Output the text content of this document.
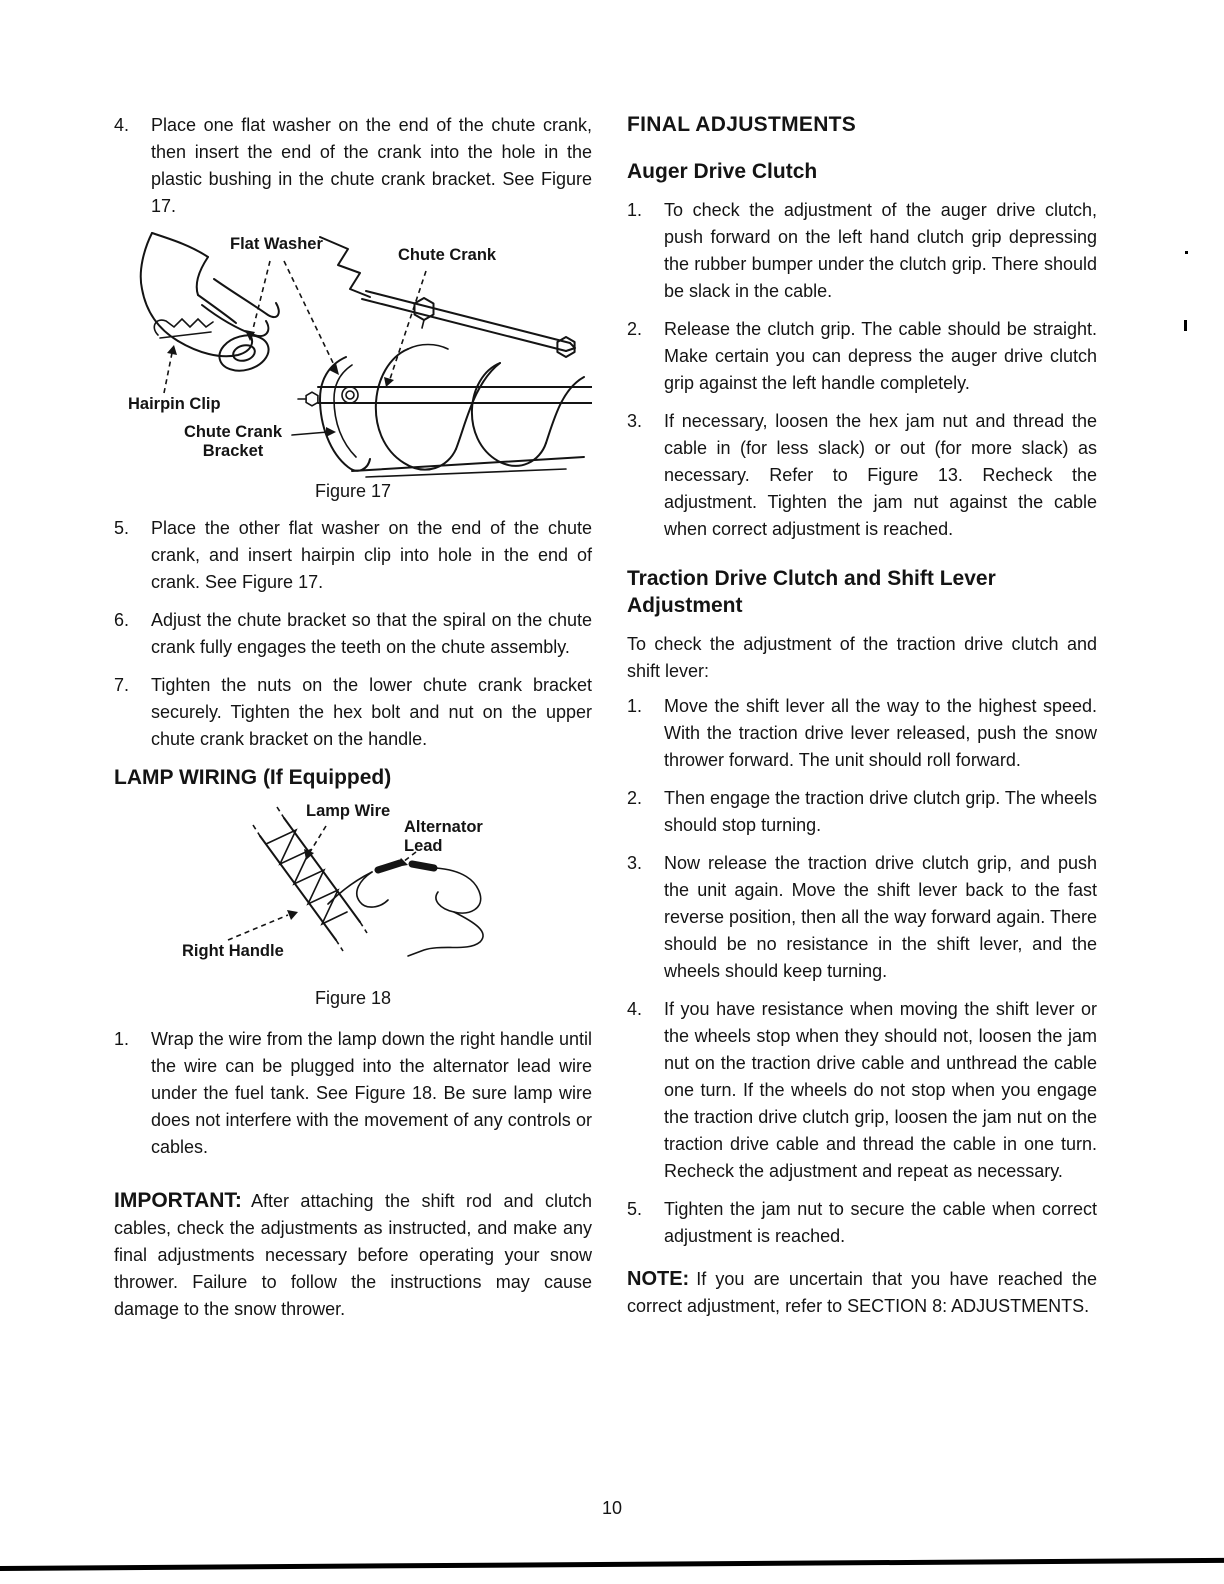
4.	Place one flat washer on the end of the chute crank, then insert the end of the crank into the hole in the plastic bushing in the chute crank bracket. See Figure 17.
Flat Washer
Chute Crank
Hairpin Clip
Chute Crank
Bracket
Figure 17
5.	Place the other flat washer on the end of the chute crank, and insert hairpin clip into hole in the end of crank. See Figure 17.
6.	Adjust the chute bracket so that the spiral on the chute crank fully engages the teeth on the chute assembly.
7.	Tighten the nuts on the lower chute crank bracket securely. Tighten the hex bolt and nut on the upper chute crank bracket on the handle.
LAMP WIRING (If Equipped)
Lamp Wire
Alternator
Lead
Right Handle
Figure 18
1.	Wrap the wire from the lamp down the right handle until the wire can be plugged into the alternator lead wire under the fuel tank. See Figure 18. Be sure lamp wire does not interfere with the movement of any controls or cables.
IMPORTANT: After attaching the shift rod and clutch cables, check the adjustments as instructed, and make any final adjustments necessary before operating your snow thrower. Failure to follow the instructions may cause damage to the snow thrower.
FINAL ADJUSTMENTS
Auger Drive Clutch
1.	To check the adjustment of the auger drive clutch, push forward on the left hand clutch grip depressing the rubber bumper under the clutch grip. There should be slack in the cable.
2.	Release the clutch grip. The cable should be straight. Make certain you can depress the auger drive clutch grip against the left handle completely.
3.	If necessary, loosen the hex jam nut and thread the cable in (for less slack) or out (for more slack) as necessary. Refer to Figure 13. Recheck the adjustment. Tighten the jam nut against the cable when correct adjustment is reached.
Traction Drive Clutch and Shift Lever Adjustment
To check the adjustment of the traction drive clutch and shift lever:
1.	Move the shift lever all the way to the highest speed. With the traction drive lever released, push the snow thrower forward. The unit should roll forward.
2.	Then engage the traction drive clutch grip. The wheels should stop turning.
3.	Now release the traction drive clutch grip, and push the unit again. Move the shift lever back to the fast reverse position, then all the way forward again. There should be no resistance in the shift lever, and the wheels should keep turning.
4.	If you have resistance when moving the shift lever or the wheels stop when they should not, loosen the jam nut on the traction drive cable and unthread the cable one turn. If the wheels do not stop when you engage the traction drive clutch grip, loosen the jam nut on the traction drive cable and thread the cable in one turn. Recheck the adjustment and repeat as necessary.
5.	Tighten the jam nut to secure the cable when correct adjustment is reached.
NOTE: If you are uncertain that you have reached the correct adjustment, refer to SECTION 8: ADJUSTMENTS.
10
